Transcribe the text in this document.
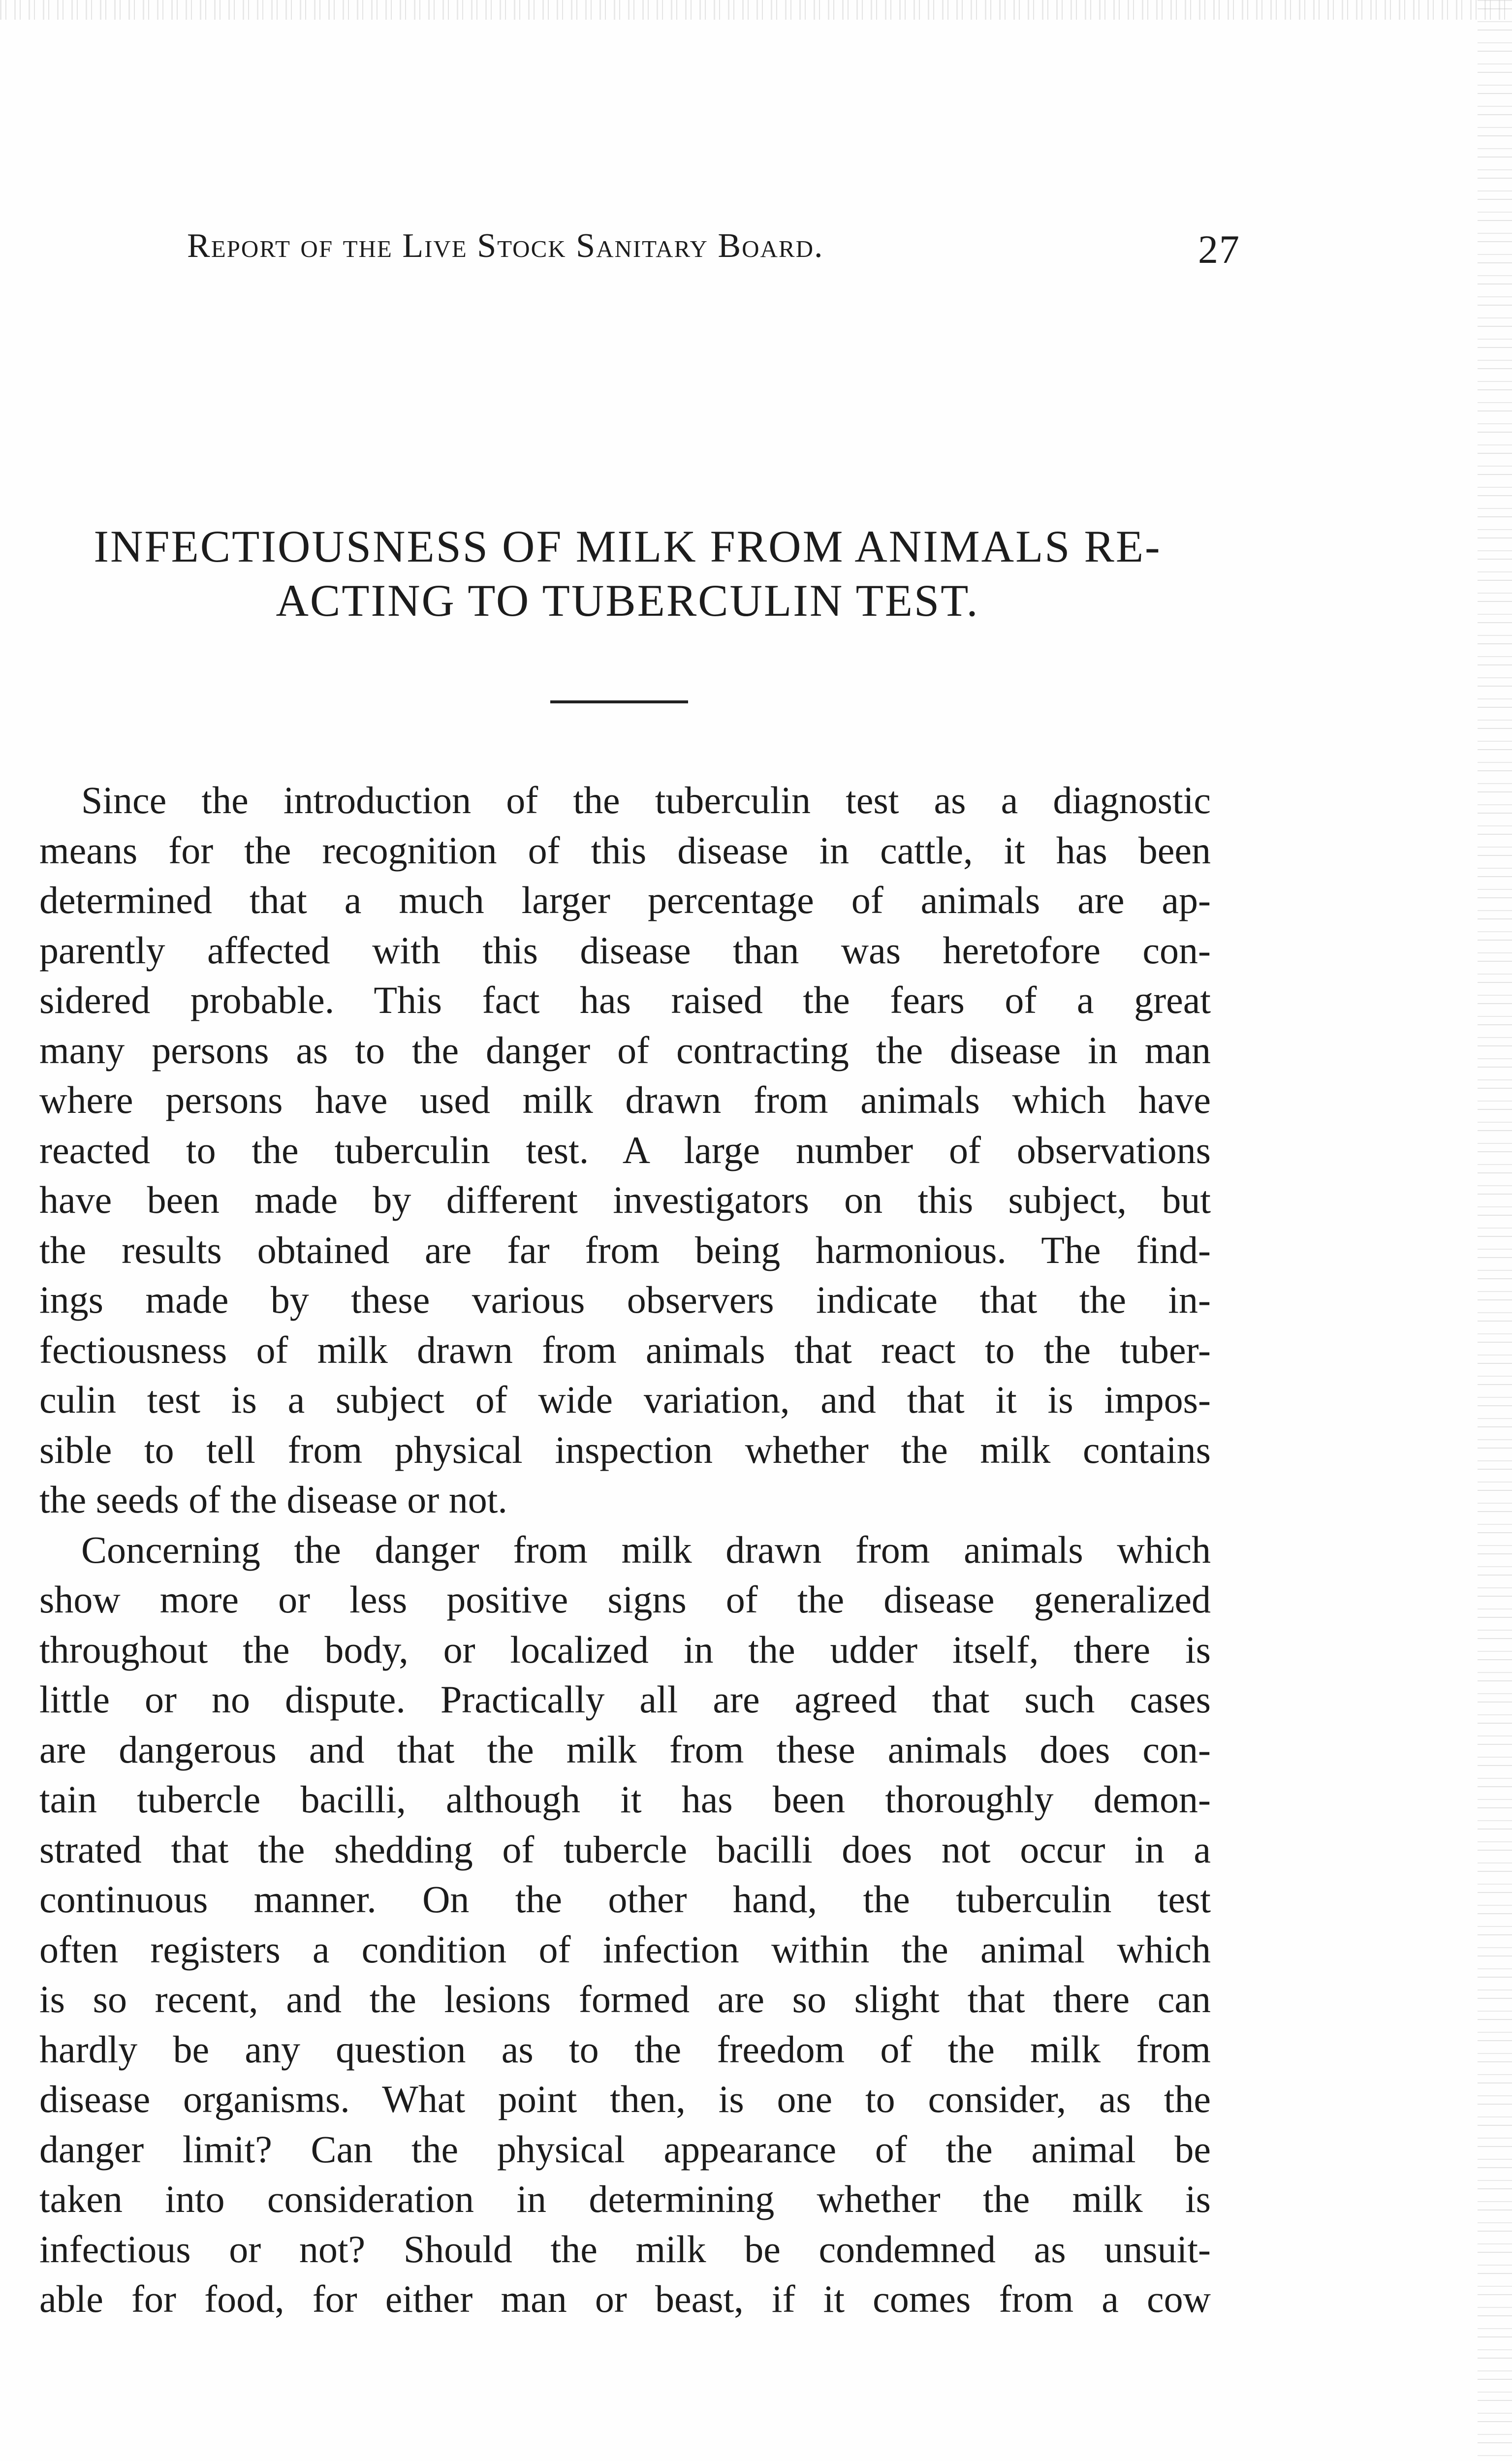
Report of the Live Stock Sanitary Board.	27
INFECTIOUSNESS OF MILK FROM ANIMALS RE-
ACTING TO TUBERCULIN TEST.
Since the introduction of the tuberculin test as a diagnostic
means for the recognition of this disease in cattle, it has been
determined that a much larger percentage of animals are ap-
parently affected with this disease than was heretofore con-
sidered probable. This fact has raised the fears of a great
many persons as to the danger of contracting the disease in man
where persons have used milk drawn from animals which have
reacted to the tuberculin test. A large number of observations
have been made by different investigators on this subject, but
the results obtained are far from being harmonious. The find-
ings made by these various observers indicate that the in-
fectiousness of milk drawn from animals that react to the tuber-
culin test is a subject of wide variation, and that it is impos-
sible to tell from physical inspection whether the milk contains
the seeds of the disease or not.
Concerning the danger from milk drawn from animals which
show more or less positive signs of the disease generalized
throughout the body, or localized in the udder itself, there is
little or no dispute. Practically all are agreed that such cases
are dangerous and that the milk from these animals does con-
tain tubercle bacilli, although it has been thoroughly demon-
strated that the shedding of tubercle bacilli does not occur in a
continuous manner. On the other hand, the tuberculin test
often registers a condition of infection within the animal which
is so recent, and the lesions formed are so slight that there can
hardly be any question as to the freedom of the milk from
disease organisms. What point then, is one to consider, as the
danger limit? Can the physical appearance of the animal be
taken into consideration in determining whether the milk is
infectious or not? Should the milk be condemned as unsuit-
able for food, for either man or beast, if it comes from a cow
